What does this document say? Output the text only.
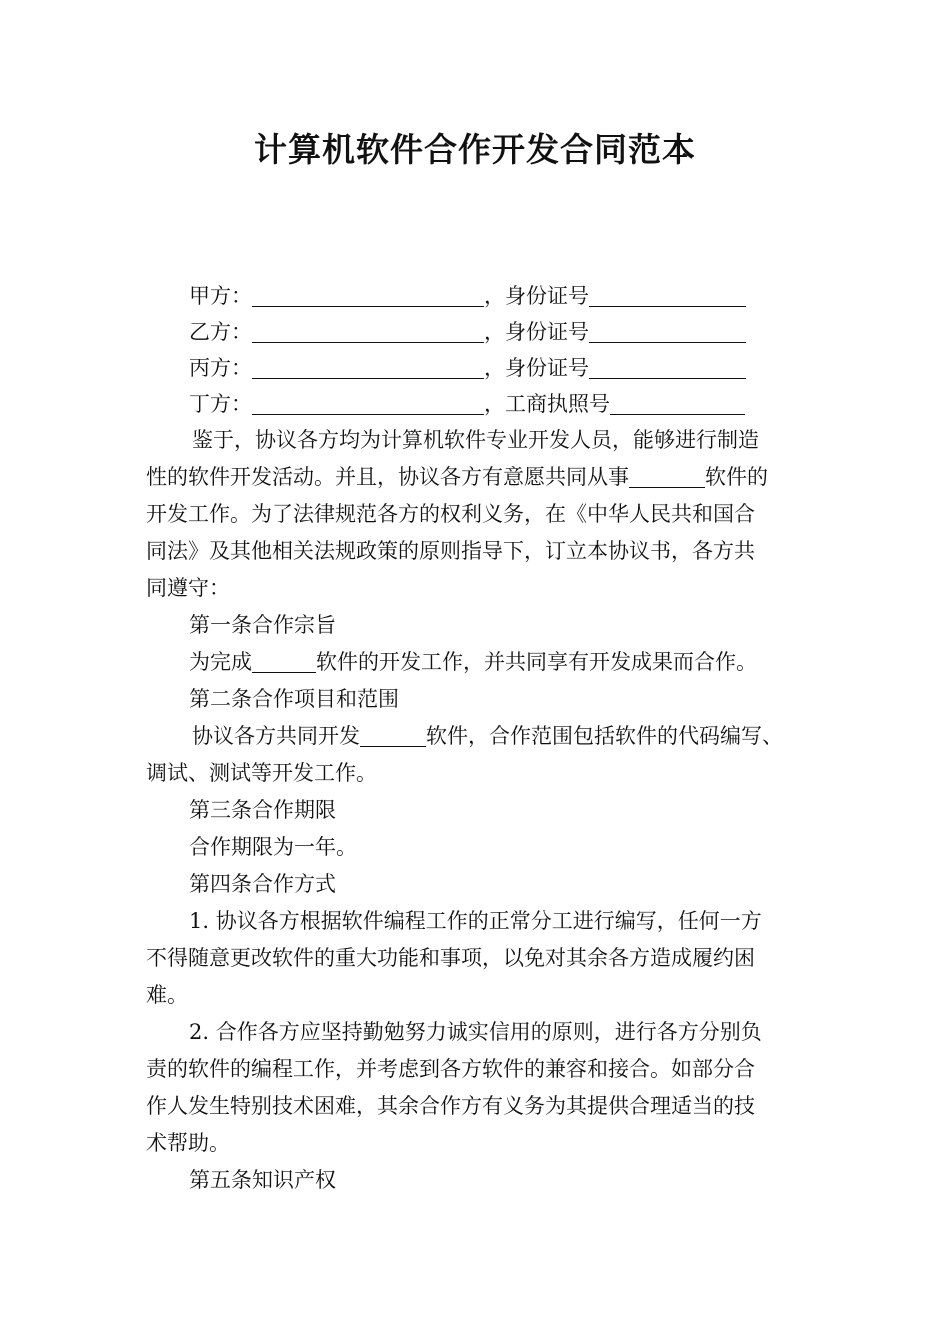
计算机软件合作开发合同范本
甲方：	，身份证号
乙方：	，身份证号
丙方：	，身份证号
丁方：	，工商执照号
鉴于，协议各方均为计算机软件专业开发人员，能够进行制造
性的软件开发活动。并且，协议各方有意愿共同从事	软件的
开发工作。为了法律规范各方的权利义务，在《中华人民共和国合
同法》及其他相关法规政策的原则指导下，订立本协议书，各方共
同遵守：
第一条合作宗旨
为完成	软件的开发工作，并共同享有开发成果而合作。
第二条合作项目和范围
协议各方共同开发	软件，合作范围包括软件的代码编写、
调试、测试等开发工作。
第三条合作期限
合作期限为一年。
第四条合作方式
1. 协议各方根据软件编程工作的正常分工进行编写，任何一方
不得随意更改软件的重大功能和事项，以免对其余各方造成履约困
难。
2. 合作各方应坚持勤勉努力诚实信用的原则，进行各方分别负
责的软件的编程工作，并考虑到各方软件的兼容和接合。如部分合
作人发生特别技术困难，其余合作方有义务为其提供合理适当的技
术帮助。
第五条知识产权
